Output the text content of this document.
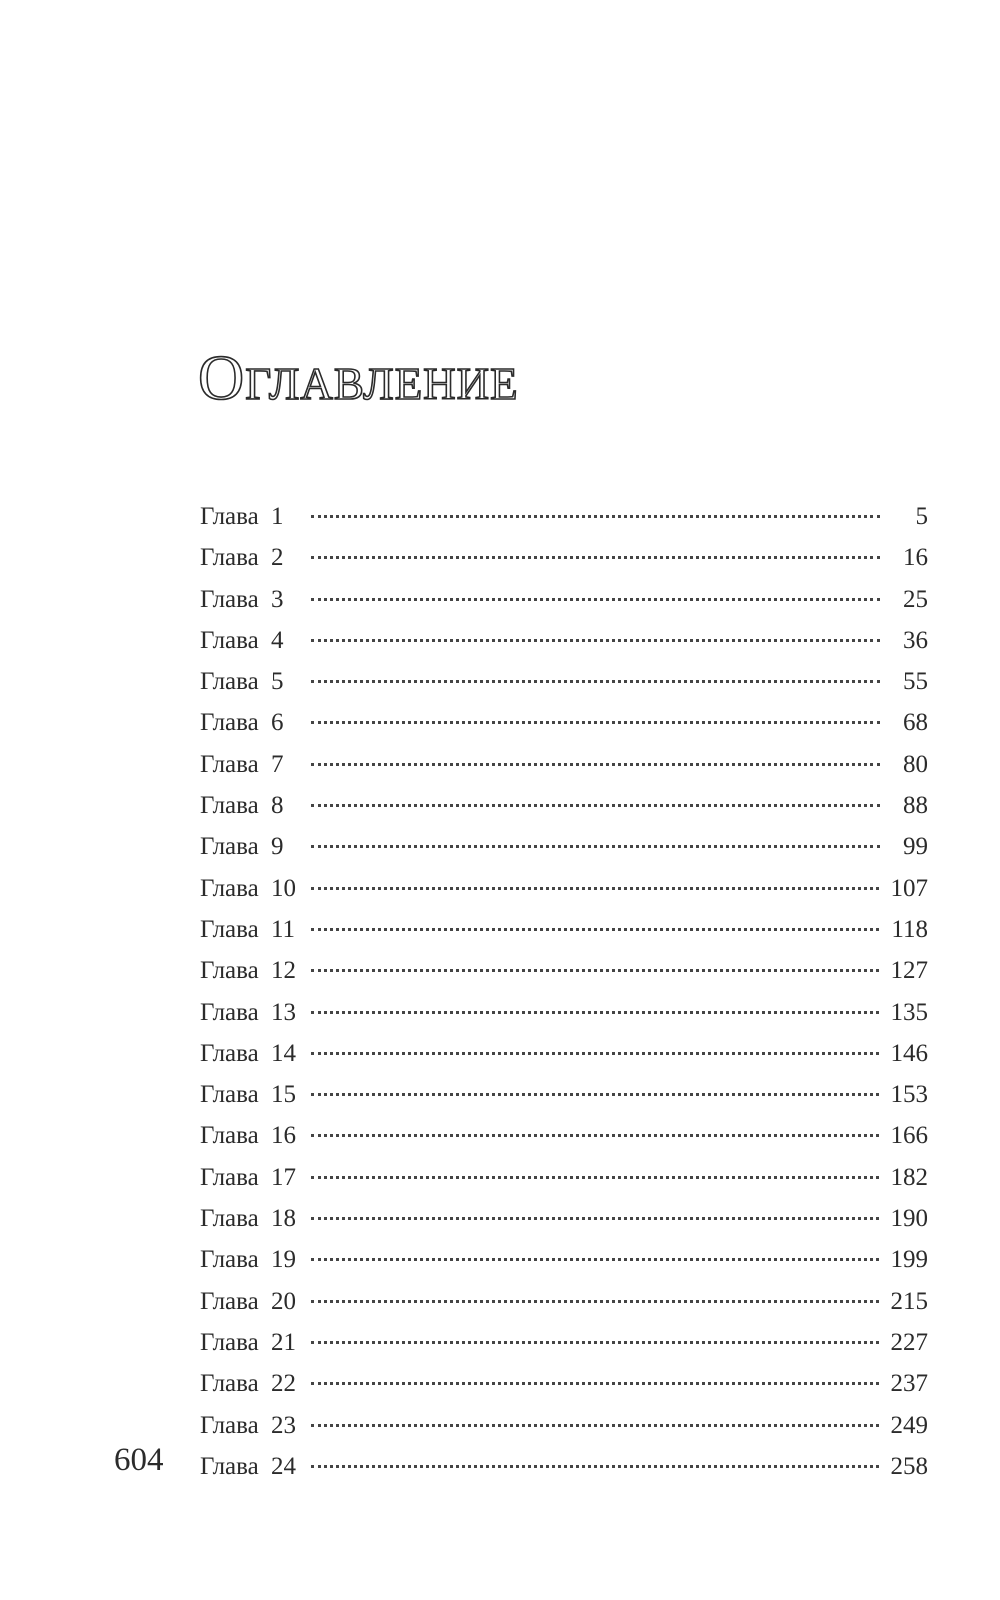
Оглавление
Глава 1	5
Глава 2	16
Глава 3	25
Глава 4	36
Глава 5	55
Глава 6	68
Глава 7	80
Глава 8	88
Глава 9	99
Глава 10	107
Глава 11	118
Глава 12	127
Глава 13	135
Глава 14	146
Глава 15	153
Глава 16	166
Глава 17	182
Глава 18	190
Глава 19	199
Глава 20	215
Глава 21	227
Глава 22	237
Глава 23	249
Глава 24	258
604
